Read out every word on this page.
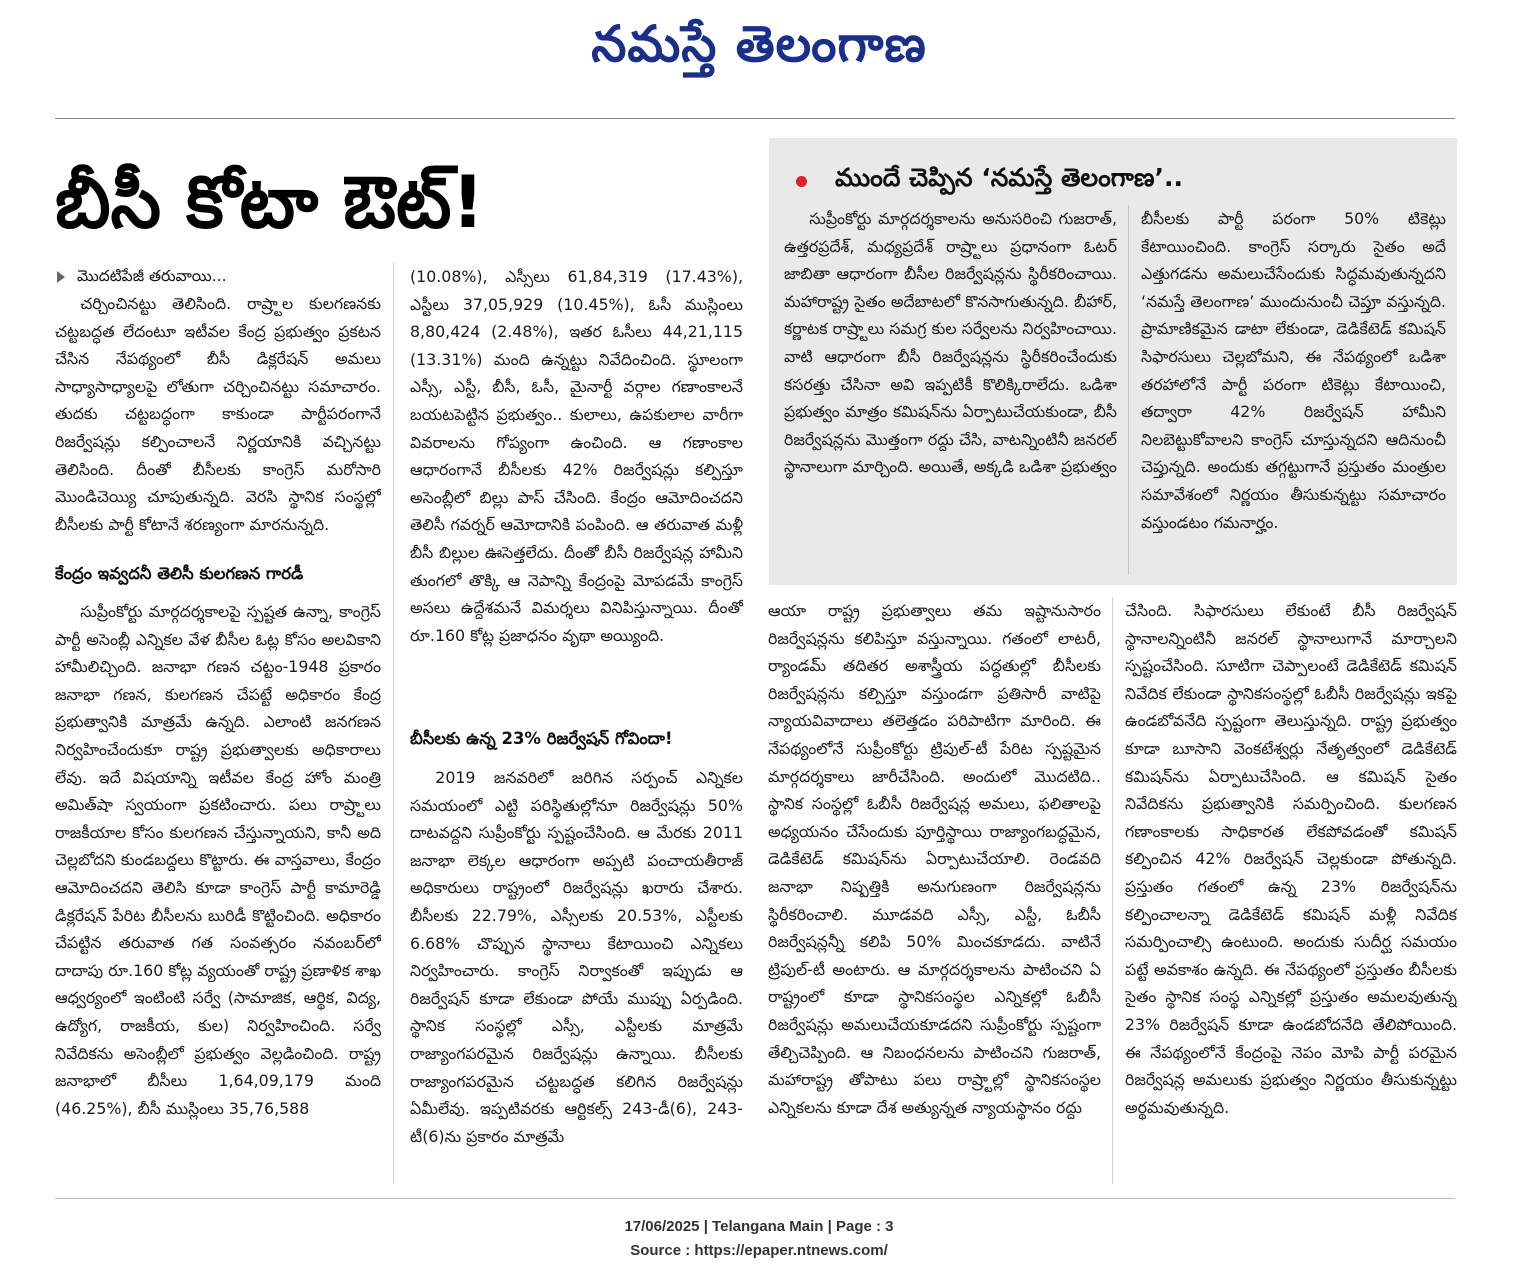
నమస్తే తెలంగాణ
బీసీ కోటా ఔట్!
మొదటిపేజీ తరువాయి...

చర్చించినట్టు తెలిసింది. రాష్ర్టాల కులగణనకు చట్టబద్ధత లేదంటూ ఇటీవల కేంద్ర ప్రభుత్వం ప్రకటన చేసిన నేపథ్యంలో బీసీ డిక్లరేషన్ అమలు సాధ్యాసాధ్యాలపై లోతుగా చర్చించినట్టు సమాచారం. తుదకు చట్టబద్ధంగా కాకుండా పార్టీపరంగానే రిజర్వేషన్లు కల్పించాలనే నిర్ణయానికి వచ్చినట్టు తెలిసింది. దీంతో బీసీలకు కాంగ్రెస్ మరోసారి మొండిచెయ్యి చూపుతున్నది. వెరసి స్థానిక సంస్థల్లో బీసీలకు పార్టీ కోటానే శరణ్యంగా మారనున్నది.

కేంద్రం ఇవ్వదనీ తెలిసీ కులగణన గారడీ

సుప్రీంకోర్టు మార్గదర్శకాలపై స్పష్టత ఉన్నా, కాంగ్రెస్ పార్టీ అసెంబ్లీ ఎన్నికల వేళ బీసీల ఓట్ల కోసం అలవికాని హామీలిచ్చింది. జనాభా గణన చట్టం-1948 ప్రకారం జనాభా గణన, కులగణన చేపట్టే అధికారం కేంద్ర ప్రభుత్వానికి మాత్రమే ఉన్నది. ఎలాంటి జనగణన నిర్వహించేందుకూ రాష్ట్ర ప్రభుత్వాలకు అధికారాలు లేవు. ఇదే విషయాన్ని ఇటీవల కేంద్ర హోం మంత్రి అమిత్‌షా స్వయంగా ప్రకటించారు. పలు రాష్ర్టాలు రాజకీయాల కోసం కులగణన చేస్తున్నాయని, కానీ అది చెల్లబోదని కుండబద్దలు కొట్టారు. ఈ వాస్తవాలు, కేంద్రం ఆమోదించదని తెలిసి కూడా కాంగ్రెస్ పార్టీ కామారెడ్డి డిక్లరేషన్ పేరిట బీసీలను బురిడీ కొట్టించింది. అధికారం చేపట్టిన తరువాత గత సంవత్సరం నవంబర్‌లో దాదాపు రూ.160 కోట్ల వ్యయంతో రాష్ట్ర ప్రణాళిక శాఖ ఆధ్వర్యంలో ఇంటింటి సర్వే (సామాజిక, ఆర్థిక, విద్య, ఉద్యోగ, రాజకీయ, కుల) నిర్వహించింది. సర్వే నివేదికను అసెంబ్లీలో ప్రభుత్వం వెల్లడించింది. రాష్ట్ర జనాభాలో బీసీలు 1,64,09,179 మంది (46.25%), బీసీ ముస్లింలు 35,76,588

(10.08%), ఎస్సీలు 61,84,319 (17.43%), ఎస్టీలు 37,05,929 (10.45%), ఓసీ ముస్లింలు 8,80,424 (2.48%), ఇతర ఓసీలు 44,21,115 (13.31%) మంది ఉన్నట్టు నివేదించింది. స్థూలంగా ఎస్సీ, ఎస్టీ, బీసీ, ఓసీ, మైనార్టీ వర్గాల గణాంకాలనే బయటపెట్టిన ప్రభుత్వం.. కులాలు, ఉపకులాల వారీగా వివరాలను గోప్యంగా ఉంచింది. ఆ గణాంకాల ఆధారంగానే బీసీలకు 42% రిజర్వేషన్లు కల్పిస్తూ అసెంబ్లీలో బిల్లు పాస్ చేసింది. కేంద్రం ఆమోదించదని తెలిసీ గవర్నర్ ఆమోదానికి పంపింది. ఆ తరువాత మళ్లీ బీసీ బిల్లుల ఊసెత్తలేదు. దీంతో బీసీ రిజర్వేషన్ల హామీని తుంగలో తొక్కి ఆ నెపాన్ని కేంద్రంపై మోపడమే కాంగ్రెస్ అసలు ఉద్దేశమనే విమర్శలు వినిపిస్తున్నాయి. దీంతో రూ.160 కోట్ల ప్రజాధనం వృథా అయ్యింది.

బీసీలకు ఉన్న 23% రిజర్వేషన్ గోవిందా!

2019 జనవరిలో జరిగిన సర్పంచ్ ఎన్నికల సమయంలో ఎట్టి పరిస్థితుల్లోనూ రిజర్వేషన్లు 50% దాటవద్దని సుప్రీంకోర్టు స్పష్టంచేసింది. ఆ మేరకు 2011 జనాభా లెక్కల ఆధారంగా అప్పటి పంచాయతీరాజ్ అధికారులు రాష్ట్రంలో రిజర్వేషన్లు ఖరారు చేశారు. బీసీలకు 22.79%, ఎస్సీలకు 20.53%, ఎస్టీలకు 6.68% చొప్పున స్థానాలు కేటాయించి ఎన్నికలు నిర్వహించారు. కాంగ్రెస్ నిర్వాకంతో ఇప్పుడు ఆ రిజర్వేషన్ కూడా లేకుండా పోయే ముప్పు ఏర్పడింది. స్థానిక సంస్థల్లో ఎస్సీ, ఎస్టీలకు మాత్రమే రాజ్యాంగపరమైన రిజర్వేషన్లు ఉన్నాయి. బీసీలకు రాజ్యాంగపరమైన చట్టబద్ధత కలిగిన రిజర్వేషన్లు ఏమీలేవు. ఇప్పటివరకు ఆర్టికల్స్ 243-డీ(6), 243-టీ(6)ను ప్రకారం మాత్రమే

ముందే చెప్పిన ‘నమస్తే తెలంగాణ’..

సుప్రీంకోర్టు మార్గదర్శకాలను అనుసరించి గుజరాత్, ఉత్తరప్రదేశ్, మధ్యప్రదేశ్ రాష్ర్టాలు ప్రధానంగా ఓటర్ జాబితా ఆధారంగా బీసీల రిజర్వేషన్లను స్థిరీకరించాయి. మహారాష్ట్ర సైతం అదేబాటలో కొనసాగుతున్నది. బీహార్, కర్ణాటక రాష్ర్టాలు సమగ్ర కుల సర్వేలను నిర్వహించాయి. వాటి ఆధారంగా బీసీ రిజర్వేషన్లను స్థిరీకరించేందుకు కసరత్తు చేసినా అవి ఇప్పటికీ కొలిక్కిరాలేదు. ఒడిశా ప్రభుత్వం మాత్రం కమిషన్‌ను ఏర్పాటుచేయకుండా, బీసీ రిజర్వేషన్లను మొత్తంగా రద్దు చేసి, వాటన్నింటినీ జనరల్ స్థానాలుగా మార్చింది. అయితే, అక్కడి ఒడిశా ప్రభుత్వం

బీసీలకు పార్టీ పరంగా 50% టికెట్లు కేటాయించింది. కాంగ్రెస్ సర్కారు సైతం అదే ఎత్తుగడను అమలుచేసేందుకు సిద్ధమవుతున్నదని ‘నమస్తే తెలంగాణ’ ముందునుంచీ చెప్తూ వస్తున్నది. ప్రామాణికమైన డాటా లేకుండా, డెడికేటెడ్ కమిషన్ సిఫారసులు చెల్లబోమని, ఈ నేపథ్యంలో ఒడిశా తరహాలోనే పార్టీ పరంగా టికెట్లు కేటాయించి, తద్వారా 42% రిజర్వేషన్ హామీని నిలబెట్టుకోవాలని కాంగ్రెస్ చూస్తున్నదని ఆదినుంచీ చెప్తున్నది. అందుకు తగ్గట్టుగానే ప్రస్తుతం మంత్రుల సమావేశంలో నిర్ణయం తీసుకున్నట్టు సమాచారం వస్తుండటం గమనార్హం.

ఆయా రాష్ట్ర ప్రభుత్వాలు తమ ఇష్టానుసారం రిజర్వేషన్లను కలిపిస్తూ వస్తున్నాయి. గతంలో లాటరీ, ర్యాండమ్ తదితర అశాస్త్రీయ పద్ధతుల్లో బీసీలకు రిజర్వేషన్లను కల్పిస్తూ వస్తుండగా ప్రతిసారీ వాటిపై న్యాయవివాదాలు తలెత్తడం పరిపాటిగా మారింది. ఈ నేపథ్యంలోనే సుప్రీంకోర్టు ట్రిపుల్-టీ పేరిట స్పష్టమైన మార్గదర్శకాలు జారీచేసింది. అందులో మొదటిది.. స్థానిక సంస్థల్లో ఓబీసీ రిజర్వేషన్ల అమలు, ఫలితాలపై అధ్యయనం చేసేందుకు పూర్తిస్థాయి రాజ్యాంగబద్ధమైన, డెడికేటెడ్ కమిషన్‌ను ఏర్పాటుచేయాలి. రెండవది జనాభా నిష్పత్తికి అనుగుణంగా రిజర్వేషన్లను స్థిరీకరించాలి. మూడవది ఎస్సీ, ఎస్టీ, ఓబీసీ రిజర్వేషన్లన్నీ కలిపి 50% మించకూడదు. వాటినే ట్రిపుల్-టీ అంటారు. ఆ మార్గదర్శకాలను పాటించని ఏ రాష్ట్రంలో కూడా స్థానికసంస్థల ఎన్నికల్లో ఓబీసీ రిజర్వేషన్లు అమలుచేయకూడదని సుప్రీంకోర్టు స్పష్టంగా తేల్చిచెప్పింది. ఆ నిబంధనలను పాటించని గుజరాత్, మహారాష్ట్ర తోపాటు పలు రాష్ర్టాల్లో స్థానికసంస్థల ఎన్నికలను కూడా దేశ అత్యున్నత న్యాయస్థానం రద్దు

చేసింది. సిఫారసులు లేకుంటే బీసీ రిజర్వేషన్ స్థానాలన్నింటినీ జనరల్ స్థానాలుగానే మార్చాలని స్పష్టంచేసింది. సూటిగా చెప్పాలంటే డెడికేటెడ్ కమిషన్ నివేదిక లేకుండా స్థానికసంస్థల్లో ఓబీసీ రిజర్వేషన్లు ఇకపై ఉండబోవనేది స్పష్టంగా తెలుస్తున్నది. రాష్ట్ర ప్రభుత్వం కూడా బూసాని వెంకటేశ్వర్లు నేతృత్వంలో డెడికేటెడ్ కమిషన్‌ను ఏర్పాటుచేసింది. ఆ కమిషన్ సైతం నివేదికను ప్రభుత్వానికి సమర్పించింది. కులగణన గణాంకాలకు సాధికారత లేకపోవడంతో కమిషన్ కల్పించిన 42% రిజర్వేషన్ చెల్లకుండా పోతున్నది. ప్రస్తుతం గతంలో ఉన్న 23% రిజర్వేషన్‌ను కల్పించాలన్నా డెడికేటెడ్ కమిషన్ మళ్లీ నివేదిక సమర్పించాల్సి ఉంటుంది. అందుకు సుదీర్ఘ సమయం పట్టే అవకాశం ఉన్నది. ఈ నేపథ్యంలో ప్రస్తుతం బీసీలకు సైతం స్థానిక సంస్థ ఎన్నికల్లో ప్రస్తుతం అమలవుతున్న 23% రిజర్వేషన్ కూడా ఉండబోదనేది తేలిపోయింది. ఈ నేపథ్యంలోనే కేంద్రంపై నెపం మోపి పార్టీ పరమైన రిజర్వేషన్ల అమలుకు ప్రభుత్వం నిర్ణయం తీసుకున్నట్టు అర్థమవుతున్నది.

17/06/2025 | Telangana Main | Page : 3
Source : https://epaper.ntnews.com/
